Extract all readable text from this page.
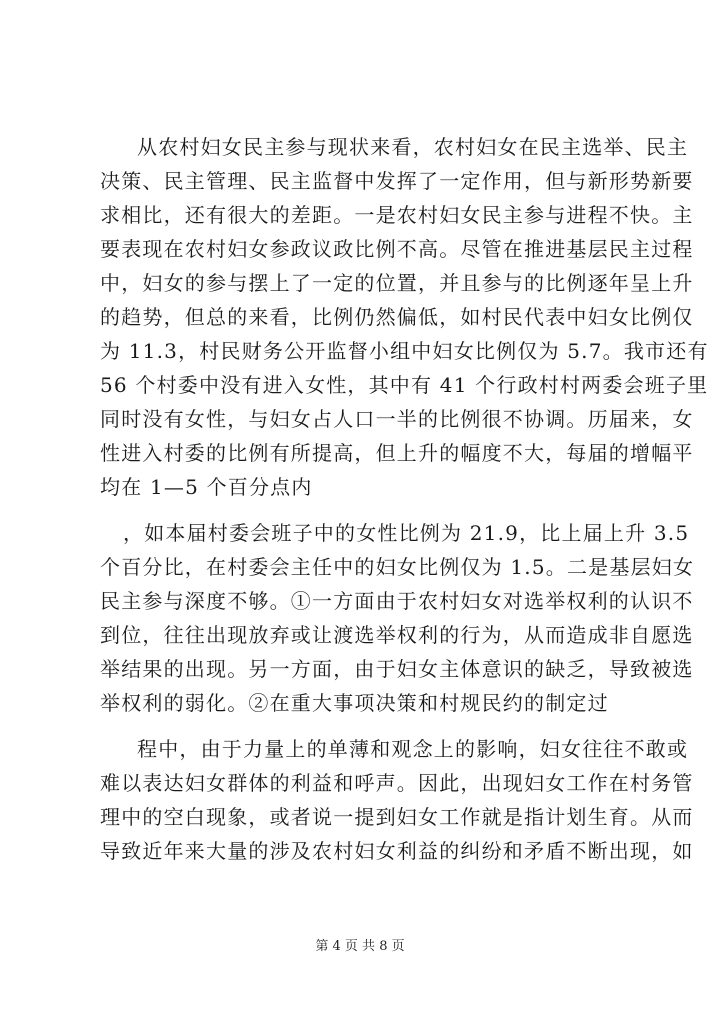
从农村妇女民主参与现状来看，农村妇女在民主选举、民主
决策、民主管理、民主监督中发挥了一定作用，但与新形势新要
求相比，还有很大的差距。一是农村妇女民主参与进程不快。主
要表现在农村妇女参政议政比例不高。尽管在推进基层民主过程
中，妇女的参与摆上了一定的位置，并且参与的比例逐年呈上升
的趋势，但总的来看，比例仍然偏低，如村民代表中妇女比例仅
为 11.3，村民财务公开监督小组中妇女比例仅为 5.7。我市还有
56 个村委中没有进入女性，其中有 41 个行政村村两委会班子里
同时没有女性，与妇女占人口一半的比例很不协调。历届来，女
性进入村委的比例有所提高，但上升的幅度不大，每届的增幅平
均在 1—5 个百分点内
，如本届村委会班子中的女性比例为 21.9，比上届上升 3.5
个百分比，在村委会主任中的妇女比例仅为 1.5。二是基层妇女
民主参与深度不够。①一方面由于农村妇女对选举权利的认识不
到位，往往出现放弃或让渡选举权利的行为，从而造成非自愿选
举结果的出现。另一方面，由于妇女主体意识的缺乏，导致被选
举权利的弱化。②在重大事项决策和村规民约的制定过
程中，由于力量上的单薄和观念上的影响，妇女往往不敢或
难以表达妇女群体的利益和呼声。因此，出现妇女工作在村务管
理中的空白现象，或者说一提到妇女工作就是指计划生育。从而
导致近年来大量的涉及农村妇女利益的纠纷和矛盾不断出现，如
第 4 页 共 8 页
